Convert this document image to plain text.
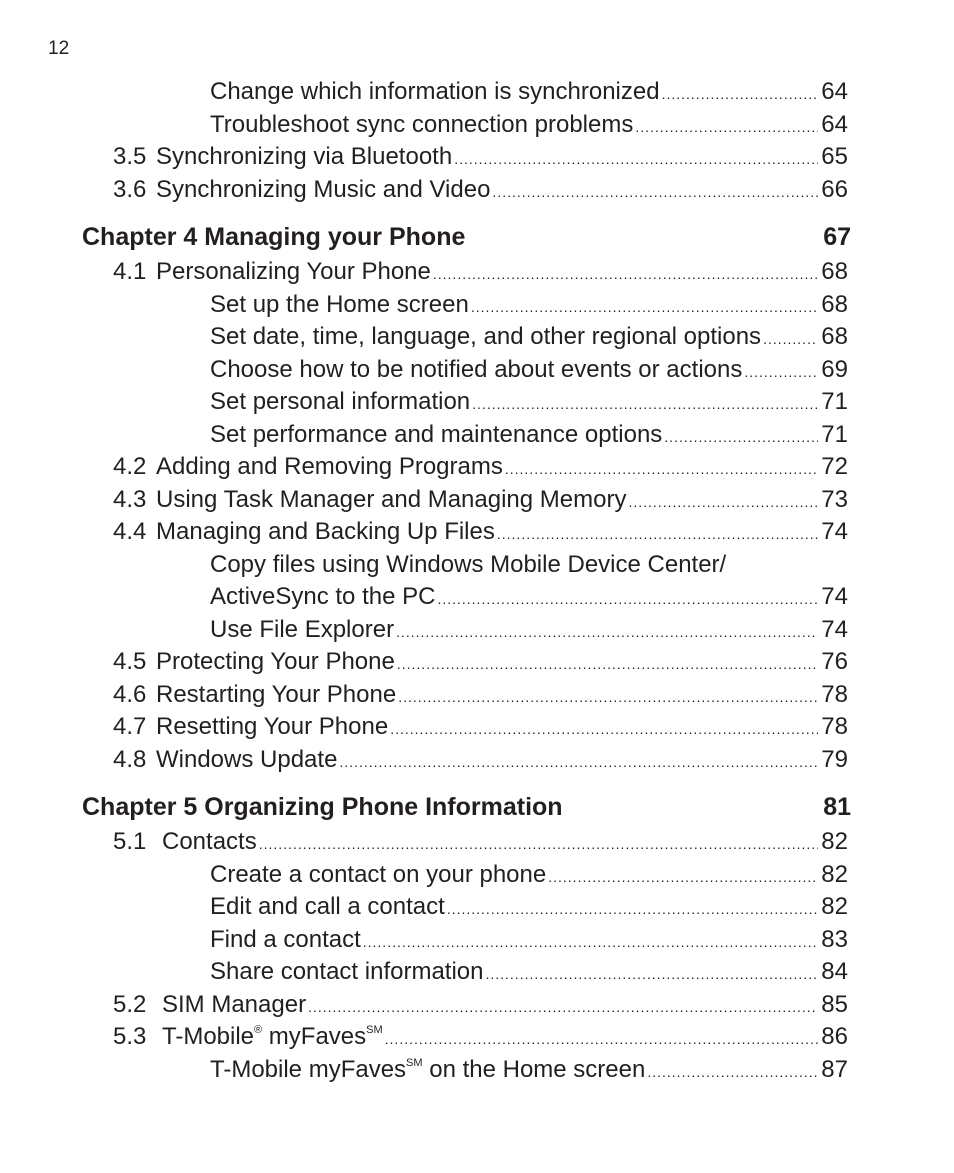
12
Change which information is synchronized .....	64
Troubleshoot sync connection problems .....	64
3.5 Synchronizing via Bluetooth .....	65
3.6 Synchronizing Music and Video .....	66
Chapter 4 Managing your Phone	67
4.1 Personalizing Your Phone .....	68
Set up the Home screen .....	68
Set date, time, language, and other regional options .....	68
Choose how to be notified about events or actions .....	69
Set personal information .....	71
Set performance and maintenance options .....	71
4.2 Adding and Removing Programs .....	72
4.3 Using Task Manager and Managing Memory .....	73
4.4 Managing and Backing Up Files .....	74
Copy files using Windows Mobile Device Center/
ActiveSync to the PC .....	74
Use File Explorer .....	74
4.5 Protecting Your Phone .....	76
4.6 Restarting Your Phone .....	78
4.7 Resetting Your Phone .....	78
4.8 Windows Update .....	79
Chapter 5 Organizing Phone Information	81
5.1 Contacts .....	82
Create a contact on your phone .....	82
Edit and call a contact .....	82
Find a contact .....	83
Share contact information .....	84
5.2 SIM Manager .....	85
5.3 T-Mobile® myFaves℠ .....	86
T-Mobile myFaves℠ on the Home screen .....	87
